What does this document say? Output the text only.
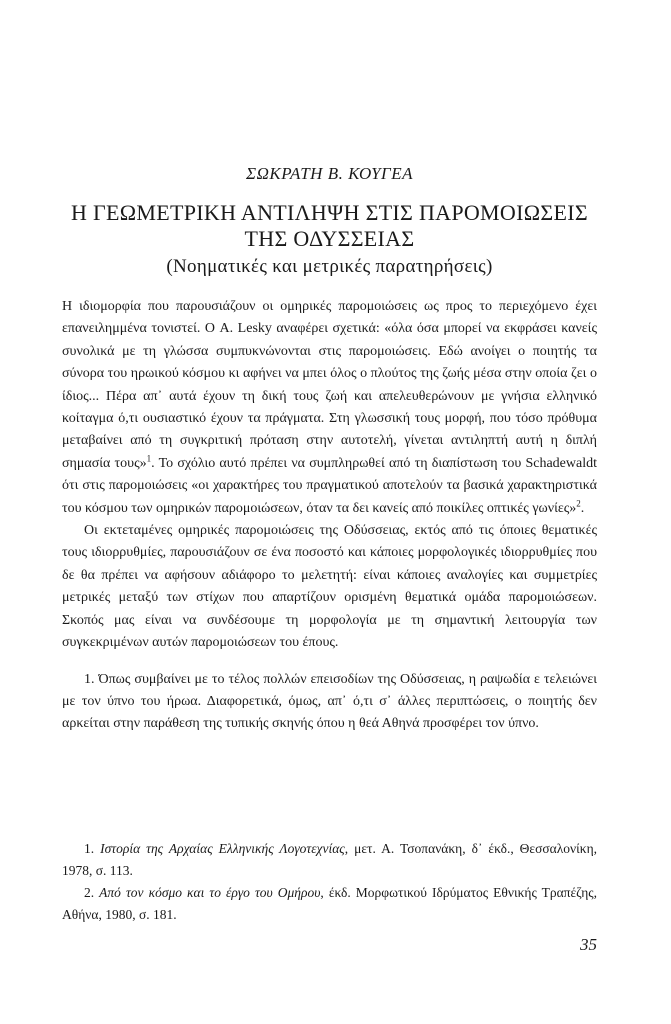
ΣΩΚΡΑΤΗ Β. ΚΟΥΓΕΑ
Η ΓΕΩΜΕΤΡΙΚΗ ΑΝΤΙΛΗΨΗ ΣΤΙΣ ΠΑΡΟΜΟΙΩΣΕΙΣ
ΤΗΣ ΟΔΥΣΣΕΙΑΣ
(Νοηματικές και μετρικές παρατηρήσεις)

Η ιδιομορφία που παρουσιάζουν οι ομηρικές παρομοιώσεις ως προς το περιεχόμενο έχει επανειλημμένα τονιστεί. Ο A. Lesky αναφέρει σχετικά: «όλα όσα μπορεί να εκφράσει κανείς συνολικά με τη γλώσσα συμπυκνώνονται στις παρομοιώσεις. Εδώ ανοίγει ο ποιητής τα σύνορα του ηρωικού κόσμου κι αφήνει να μπει όλος ο πλούτος της ζωής μέσα στην οποία ζει ο ίδιος... Πέρα απ᾽ αυτά έχουν τη δική τους ζωή και απελευθερώνουν με γνήσια ελληνικό κοίταγμα ό,τι ουσιαστικό έχουν τα πράγματα. Στη γλωσσική τους μορφή, που τόσο πρόθυμα μεταβαίνει από τη συγκριτική πρόταση στην αυτοτελή, γίνεται αντιληπτή αυτή η διπλή σημασία τους»$^1$. Το σχόλιο αυτό πρέπει να συμπληρωθεί από τη διαπίστωση του Schadewaldt ότι στις παρομοιώσεις «οι χαρακτήρες του πραγματικού αποτελούν τα βασικά χαρακτηριστικά του κόσμου των ομηρικών παρομοιώσεων, όταν τα δει κανείς από ποικίλες οπτικές γωνίες»$^2$.

Οι εκτεταμένες ομηρικές παρομοιώσεις της Οδύσσειας, εκτός από τις όποιες θεματικές τους ιδιορρυθμίες, παρουσιάζουν σε ένα ποσοστό και κάποιες μορφολογικές ιδιορρυθμίες που δε θα πρέπει να αφήσουν αδιάφορο το μελετητή: είναι κάποιες αναλογίες και συμμετρίες μετρικές μεταξύ των στίχων που απαρτίζουν ορισμένη θεματικά ομάδα παρομοιώσεων. Σκοπός μας είναι να συνδέσουμε τη μορφολογία με τη σημαντική λειτουργία των συγκεκριμένων αυτών παρομοιώσεων του έπους.

1. Όπως συμβαίνει με το τέλος πολλών επεισοδίων της Οδύσσειας, η ραψωδία ε τελειώνει με τον ύπνο του ήρωα. Διαφορετικά, όμως, απ᾽ ό,τι σ᾽ άλλες περιπτώσεις, ο ποιητής δεν αρκείται στην παράθεση της τυπικής σκηνής όπου η θεά Αθηνά προσφέρει τον ύπνο.

1. Ιστορία της Αρχαίας Ελληνικής Λογοτεχνίας, μετ. Α. Τσοπανάκη, δ᾽ έκδ., Θεσσαλονίκη, 1978, σ. 113.

2. Από τον κόσμο και το έργο του Ομήρου, έκδ. Μορφωτικού Ιδρύματος Εθνικής Τραπέζης, Αθήνα, 1980, σ. 181.

35
